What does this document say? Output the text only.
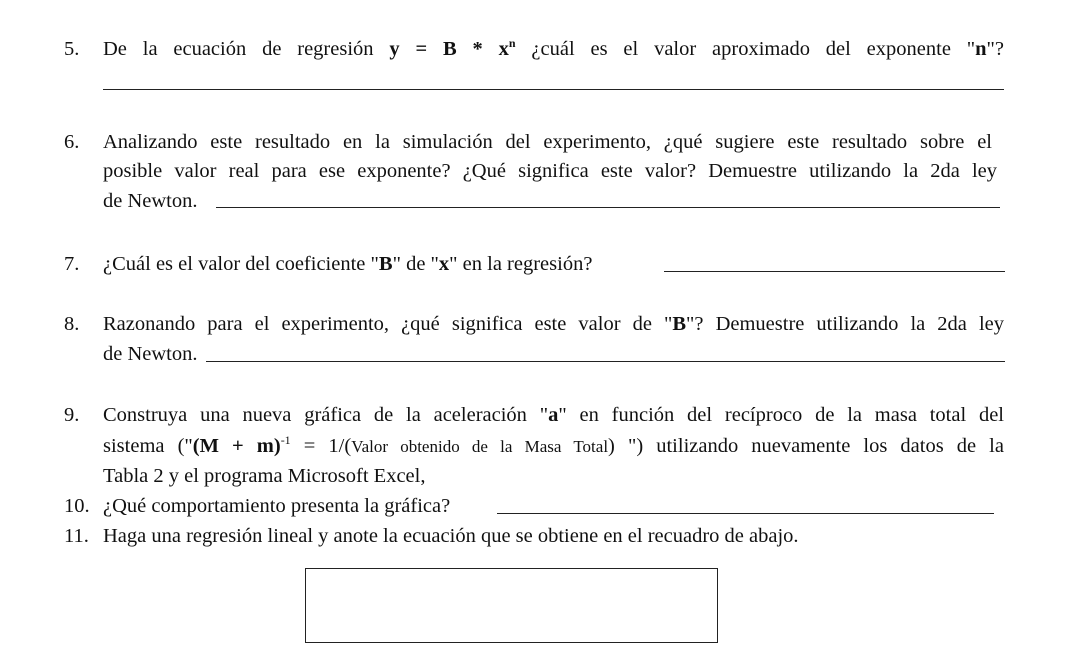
5. De la ecuación de regresión $y = B * x^n$ ¿cuál es el valor aproximado del exponente "n"?
6. Analizando este resultado en la simulación del experimento, ¿qué sugiere este resultado sobre el
posible valor real para ese exponente? ¿Qué significa este valor? Demuestre utilizando la 2da ley
de Newton.
7. ¿Cuál es el valor del coeficiente "B" de "x" en la regresión?
8. Razonando para el experimento, ¿qué significa este valor de "B"? Demuestre utilizando la 2da ley
de Newton.
9. Construya una nueva gráfica de la aceleración "a" en función del recíproco de la masa total del
sistema ("(M + m)$^{-1}$ = 1/(Valor obtenido de la Masa Total) ") utilizando nuevamente los datos de la
Tabla 2 y el programa Microsoft Excel,
10. ¿Qué comportamiento presenta la gráfica?
11. Haga una regresión lineal y anote la ecuación que se obtiene en el recuadro de abajo.
